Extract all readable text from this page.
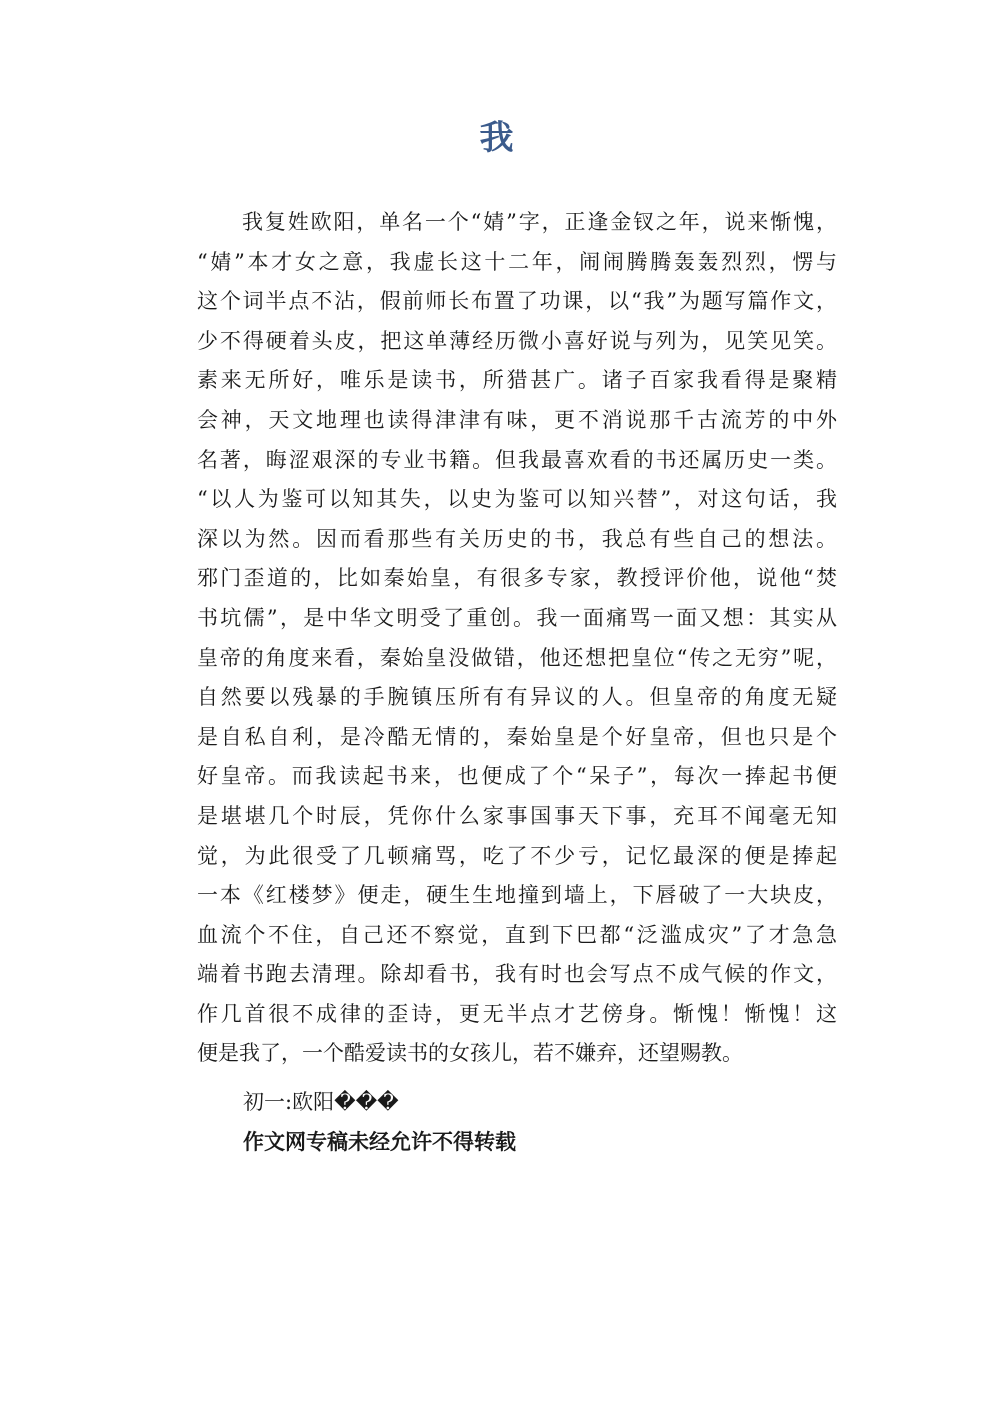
我
我复姓欧阳，单名一个“婧”字，正逢金钗之年，说来惭愧，
“婧”本才女之意，我虚长这十二年，闹闹腾腾轰轰烈烈，愣与
这个词半点不沾，假前师长布置了功课，以“我”为题写篇作文，
少不得硬着头皮，把这单薄经历微小喜好说与列为，见笑见笑。
素来无所好，唯乐是读书，所猎甚广。诸子百家我看得是聚精
会神，天文地理也读得津津有味，更不消说那千古流芳的中外
名著，晦涩艰深的专业书籍。但我最喜欢看的书还属历史一类。
“以人为鉴可以知其失，以史为鉴可以知兴替”，对这句话，我
深以为然。因而看那些有关历史的书，我总有些自己的想法。
邪门歪道的，比如秦始皇，有很多专家，教授评价他，说他“焚
书坑儒”，是中华文明受了重创。我一面痛骂一面又想：其实从
皇帝的角度来看，秦始皇没做错，他还想把皇位“传之无穷”呢，
自然要以残暴的手腕镇压所有有异议的人。但皇帝的角度无疑
是自私自利，是冷酷无情的，秦始皇是个好皇帝，但也只是个
好皇帝。而我读起书来，也便成了个“呆子”，每次一捧起书便
是堪堪几个时辰，凭你什么家事国事天下事，充耳不闻毫无知
觉，为此很受了几顿痛骂，吃了不少亏，记忆最深的便是捧起
一本《红楼梦》便走，硬生生地撞到墙上，下唇破了一大块皮，
血流个不住，自己还不察觉，直到下巴都“泛滥成灾”了才急急
端着书跑去清理。除却看书，我有时也会写点不成气候的作文，
作几首很不成律的歪诗，更无半点才艺傍身。惭愧！惭愧！这
便是我了，一个酷爱读书的女孩儿，若不嫌弃，还望赐教。
初一:欧阳���
作文网专稿未经允许不得转载
